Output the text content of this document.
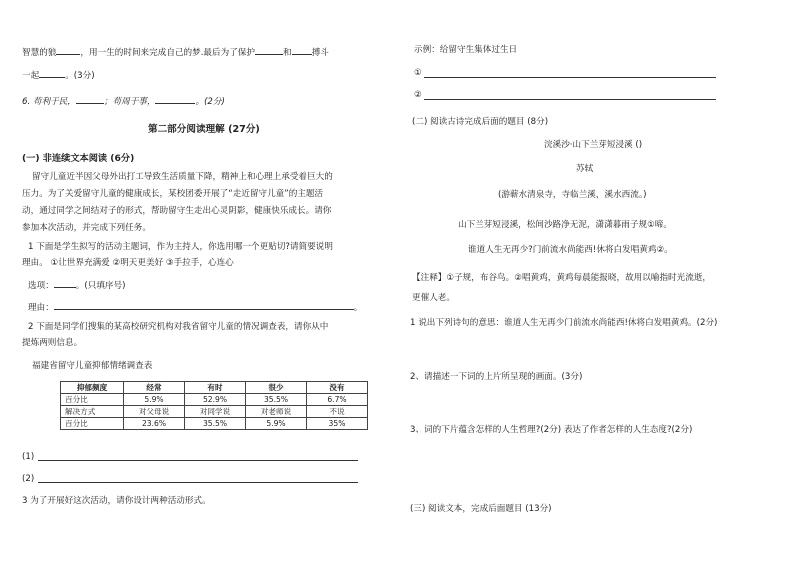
智慧的狼	，用一生的时间来完成自己的梦.最后为了保护	和 搏斗
一起	。(3分)
6. 苟利于民，	；苟周于事，	。(2分)
第二部分阅读理解 (27分)
(一) 非连续文本阅读 (6分)
留守儿童近半因父母外出打工导致生活质量下降，精神上和心理上承受着巨大的
压力。为了关爱留守儿童的健康成长，某校团委开展了“走近留守儿童”的主题活
动，通过同学之间结对子的形式，帮助留守生走出心灵阴影，健康快乐成长。请你
参加本次活动，并完成下列任务。
1 下面是学生拟写的活动主题词，作为主持人，你选用哪一个更贴切?请简要说明
理由。 ①让世界充满爱 ②明天更美好 ③手拉手，心连心
选项：	。(只填序号)
理由：	。
2 下面是同学们搜集的某高校研究机构对我省留守儿童的情况调查表，请你从中
提炼两则信息。
福建省留守儿童抑郁情绪调查表
抑郁频度	经常	有时	很少	没有
百分比	5.9%	52.9%	35.5%	6.7%
解决方式	对父母说	对同学说	对老师说	不说
百分比	23.6%	35.5%	5.9%	35%
(1)
(2)
3 为了开展好这次活动，请你设计两种活动形式。
示例：给留守生集体过生日
①
②
(二) 阅读古诗完成后面的题目 (8分)
浣溪沙·山下兰芽短浸溪 ()
苏轼
(游蕲水清泉寺，寺临兰溪，溪水西流。)
山下兰芽短浸溪，松间沙路净无泥，潇潇暮雨子规①啼。
谁道人生无再少?门前流水尚能西!休将白发唱黄鸡②。
【注释】①子规，布谷鸟。②唱黄鸡，黄鸡每晨能报晓，故用以喻指时光流逝，
更催人老。
1 说出下列诗句的意思：谁道人生无再少门前流水尚能西!休将白发唱黄鸡。(2分)
2、请描述一下词的上片所呈现的画面。(3分)
3、词的下片蕴含怎样的人生哲理?(2分) 表达了作者怎样的人生态度?(2分)
(三) 阅读文本，完成后面题目 (13分)
